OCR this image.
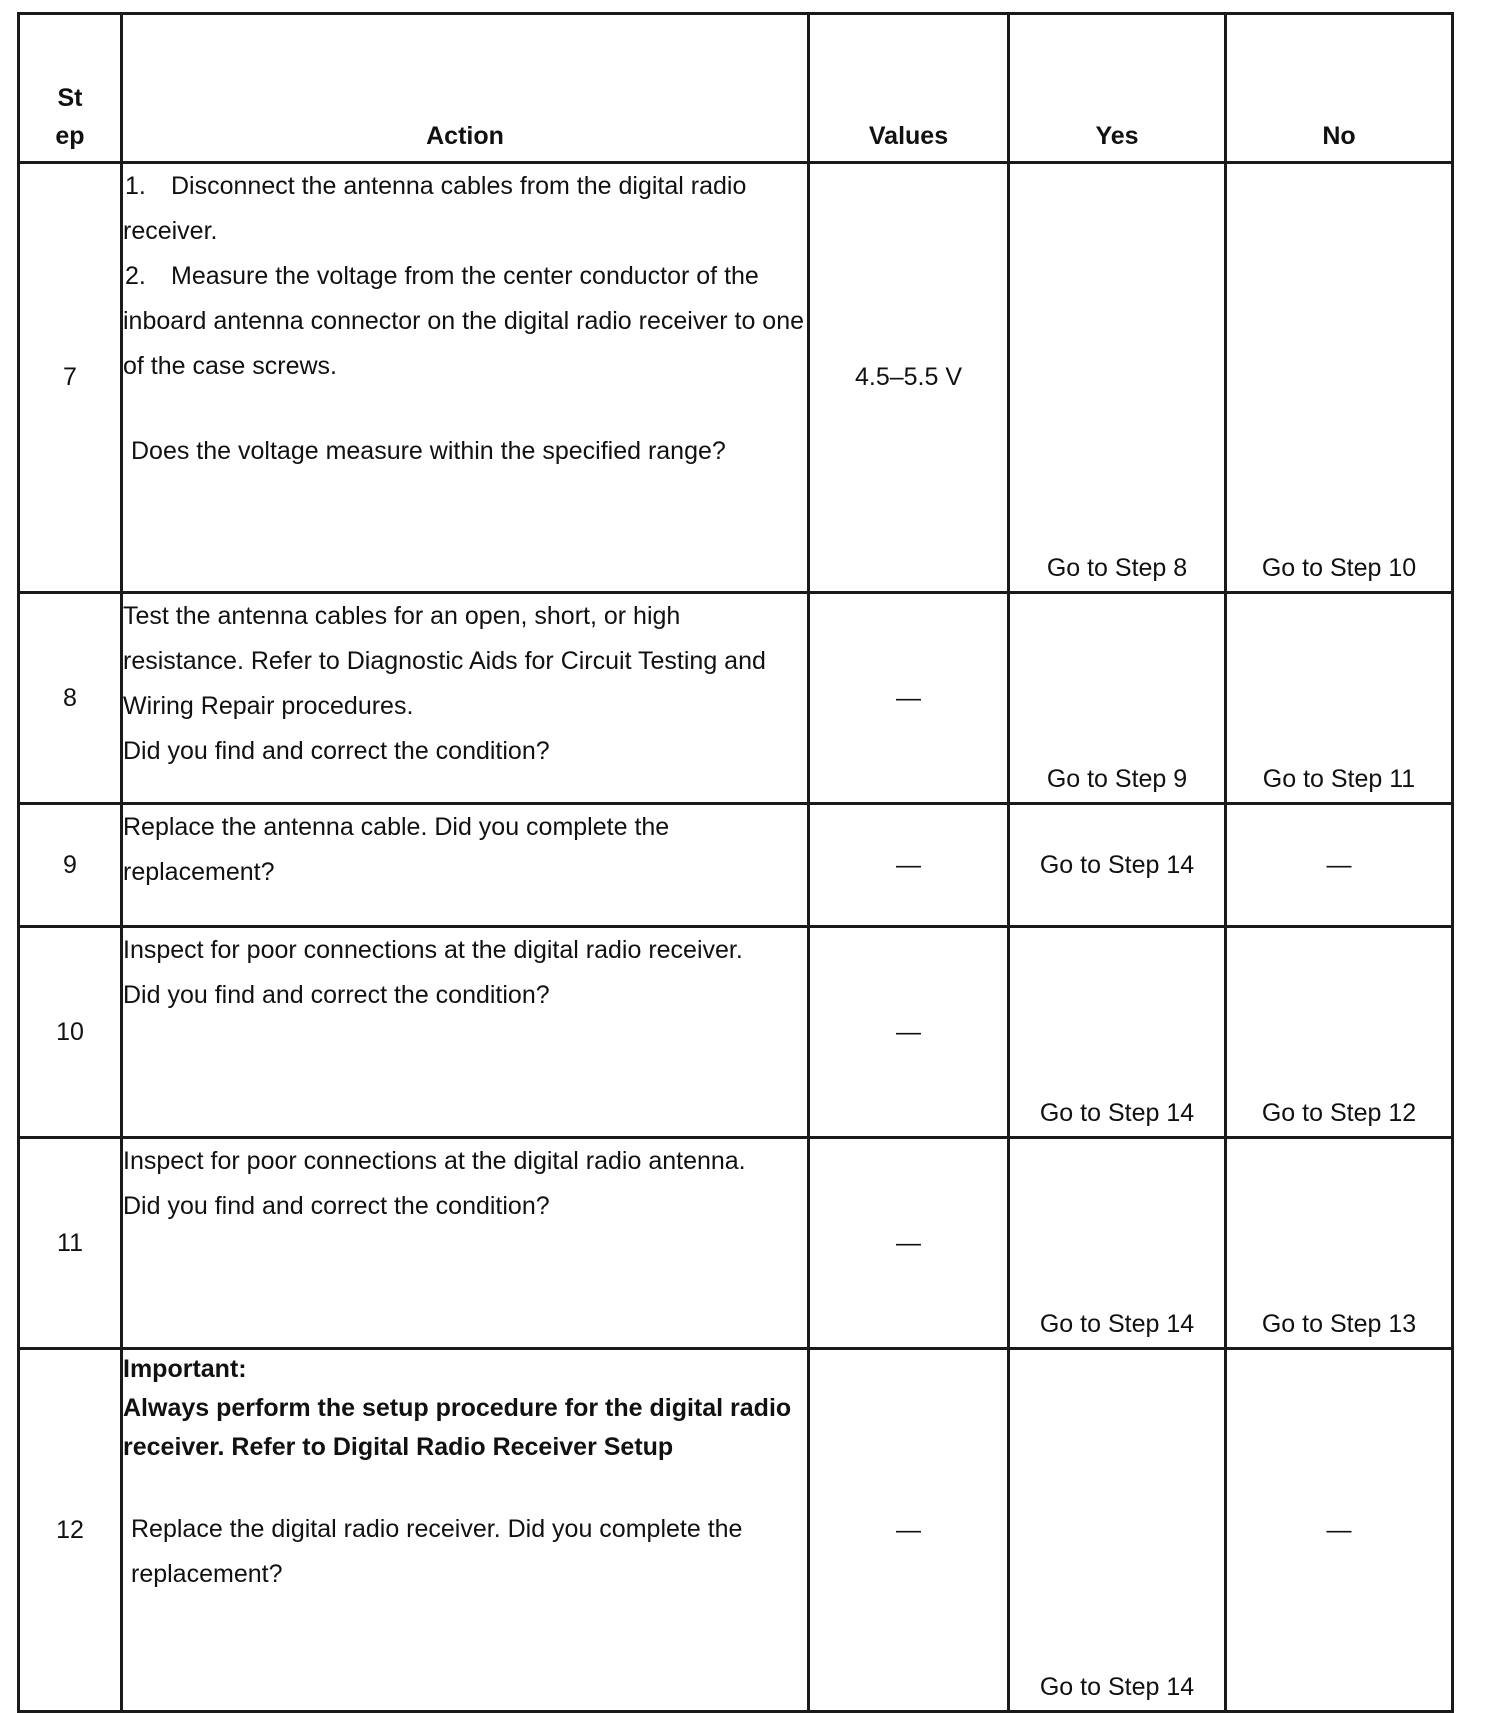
St
ep	Action	Values	Yes	No
7	1. Disconnect the antenna cables from the digital radio receiver.

2. Measure the voltage from the center conductor of the inboard antenna connector on the digital radio receiver to one of the case screws.

Does the voltage measure within the specified range?	4.5–5.5 V	Go to Step 8	Go to Step 10
8	Test the antenna cables for an open, short, or high resistance. Refer to Diagnostic Aids for Circuit Testing and Wiring Repair procedures.

Did you find and correct the condition?	—	Go to Step 9	Go to Step 11
9	Replace the antenna cable. Did you complete the replacement?	—	Go to Step 14	—
10	Inspect for poor connections at the digital radio receiver.

Did you find and correct the condition?	—	Go to Step 14	Go to Step 12
11	Inspect for poor connections at the digital radio antenna.

Did you find and correct the condition?	—	Go to Step 14	Go to Step 13
12	Important:

Always perform the setup procedure for the digital radio receiver. Refer to Digital Radio Receiver Setup

Replace the digital radio receiver. Did you complete the replacement?	—	Go to Step 14	—
